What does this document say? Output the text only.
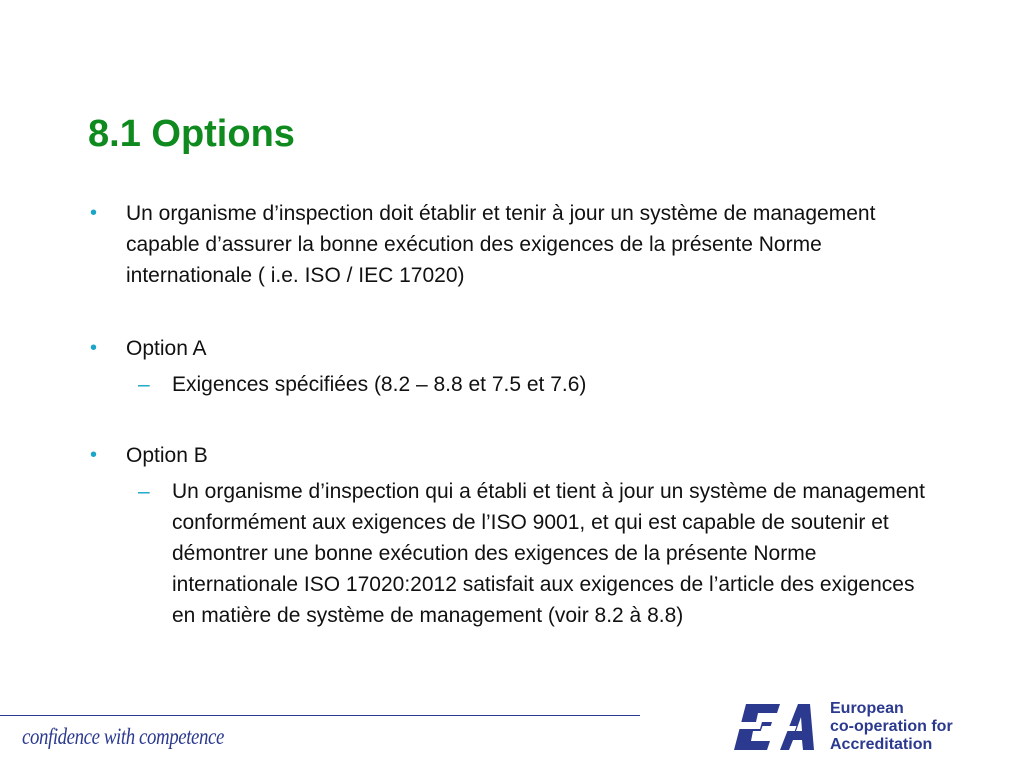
8.1 Options
• Un organisme d’inspection doit établir et tenir à jour un système de management capable d’assurer la bonne exécution des exigences de la présente Norme internationale ( i.e. ISO / IEC 17020)
• Option A
– Exigences spécifiées (8.2 – 8.8 et 7.5 et 7.6)
• Option B
– Un organisme d’inspection qui a établi et tient à jour un système de management conformément aux exigences de l’ISO 9001, et qui est capable de soutenir et démontrer une bonne exécution des exigences de la présente Norme internationale ISO 17020:2012 satisfait aux exigences de l’article des exigences en matière de système de management (voir 8.2 à 8.8)
confidence with competence
European
co-operation for
Accreditation
